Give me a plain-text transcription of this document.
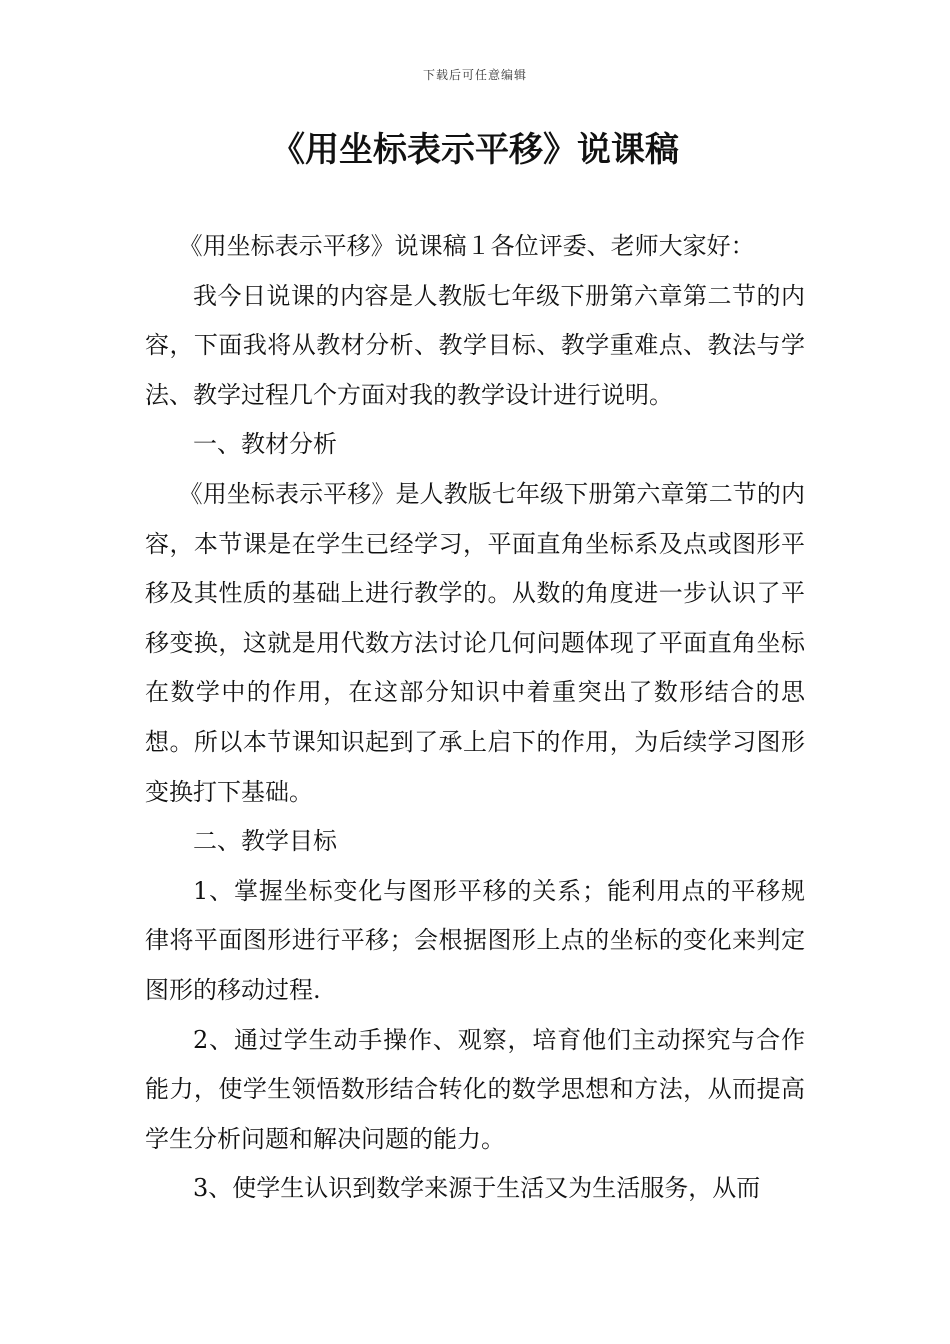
下载后可任意编辑
《用坐标表示平移》说课稿

《用坐标表示平移》说课稿１各位评委、老师大家好：

我今日说课的内容是人教版七年级下册第六章第二节的内容，下面我将从教材分析、教学目标、教学重难点、教法与学法、教学过程几个方面对我的教学设计进行说明。

一、教材分析

《用坐标表示平移》是人教版七年级下册第六章第二节的内容，本节课是在学生已经学习，平面直角坐标系及点或图形平移及其性质的基础上进行教学的。从数的角度进一步认识了平移变换，这就是用代数方法讨论几何问题体现了平面直角坐标在数学中的作用，在这部分知识中着重突出了数形结合的思想。所以本节课知识起到了承上启下的作用，为后续学习图形变换打下基础。

二、教学目标

1、掌握坐标变化与图形平移的关系；能利用点的平移规律将平面图形进行平移；会根据图形上点的坐标的变化来判定图形的移动过程.

2、通过学生动手操作、观察，培育他们主动探究与合作能力，使学生领悟数形结合转化的数学思想和方法，从而提高学生分析问题和解决问题的能力。

3、使学生认识到数学来源于生活又为生活服务，从而
